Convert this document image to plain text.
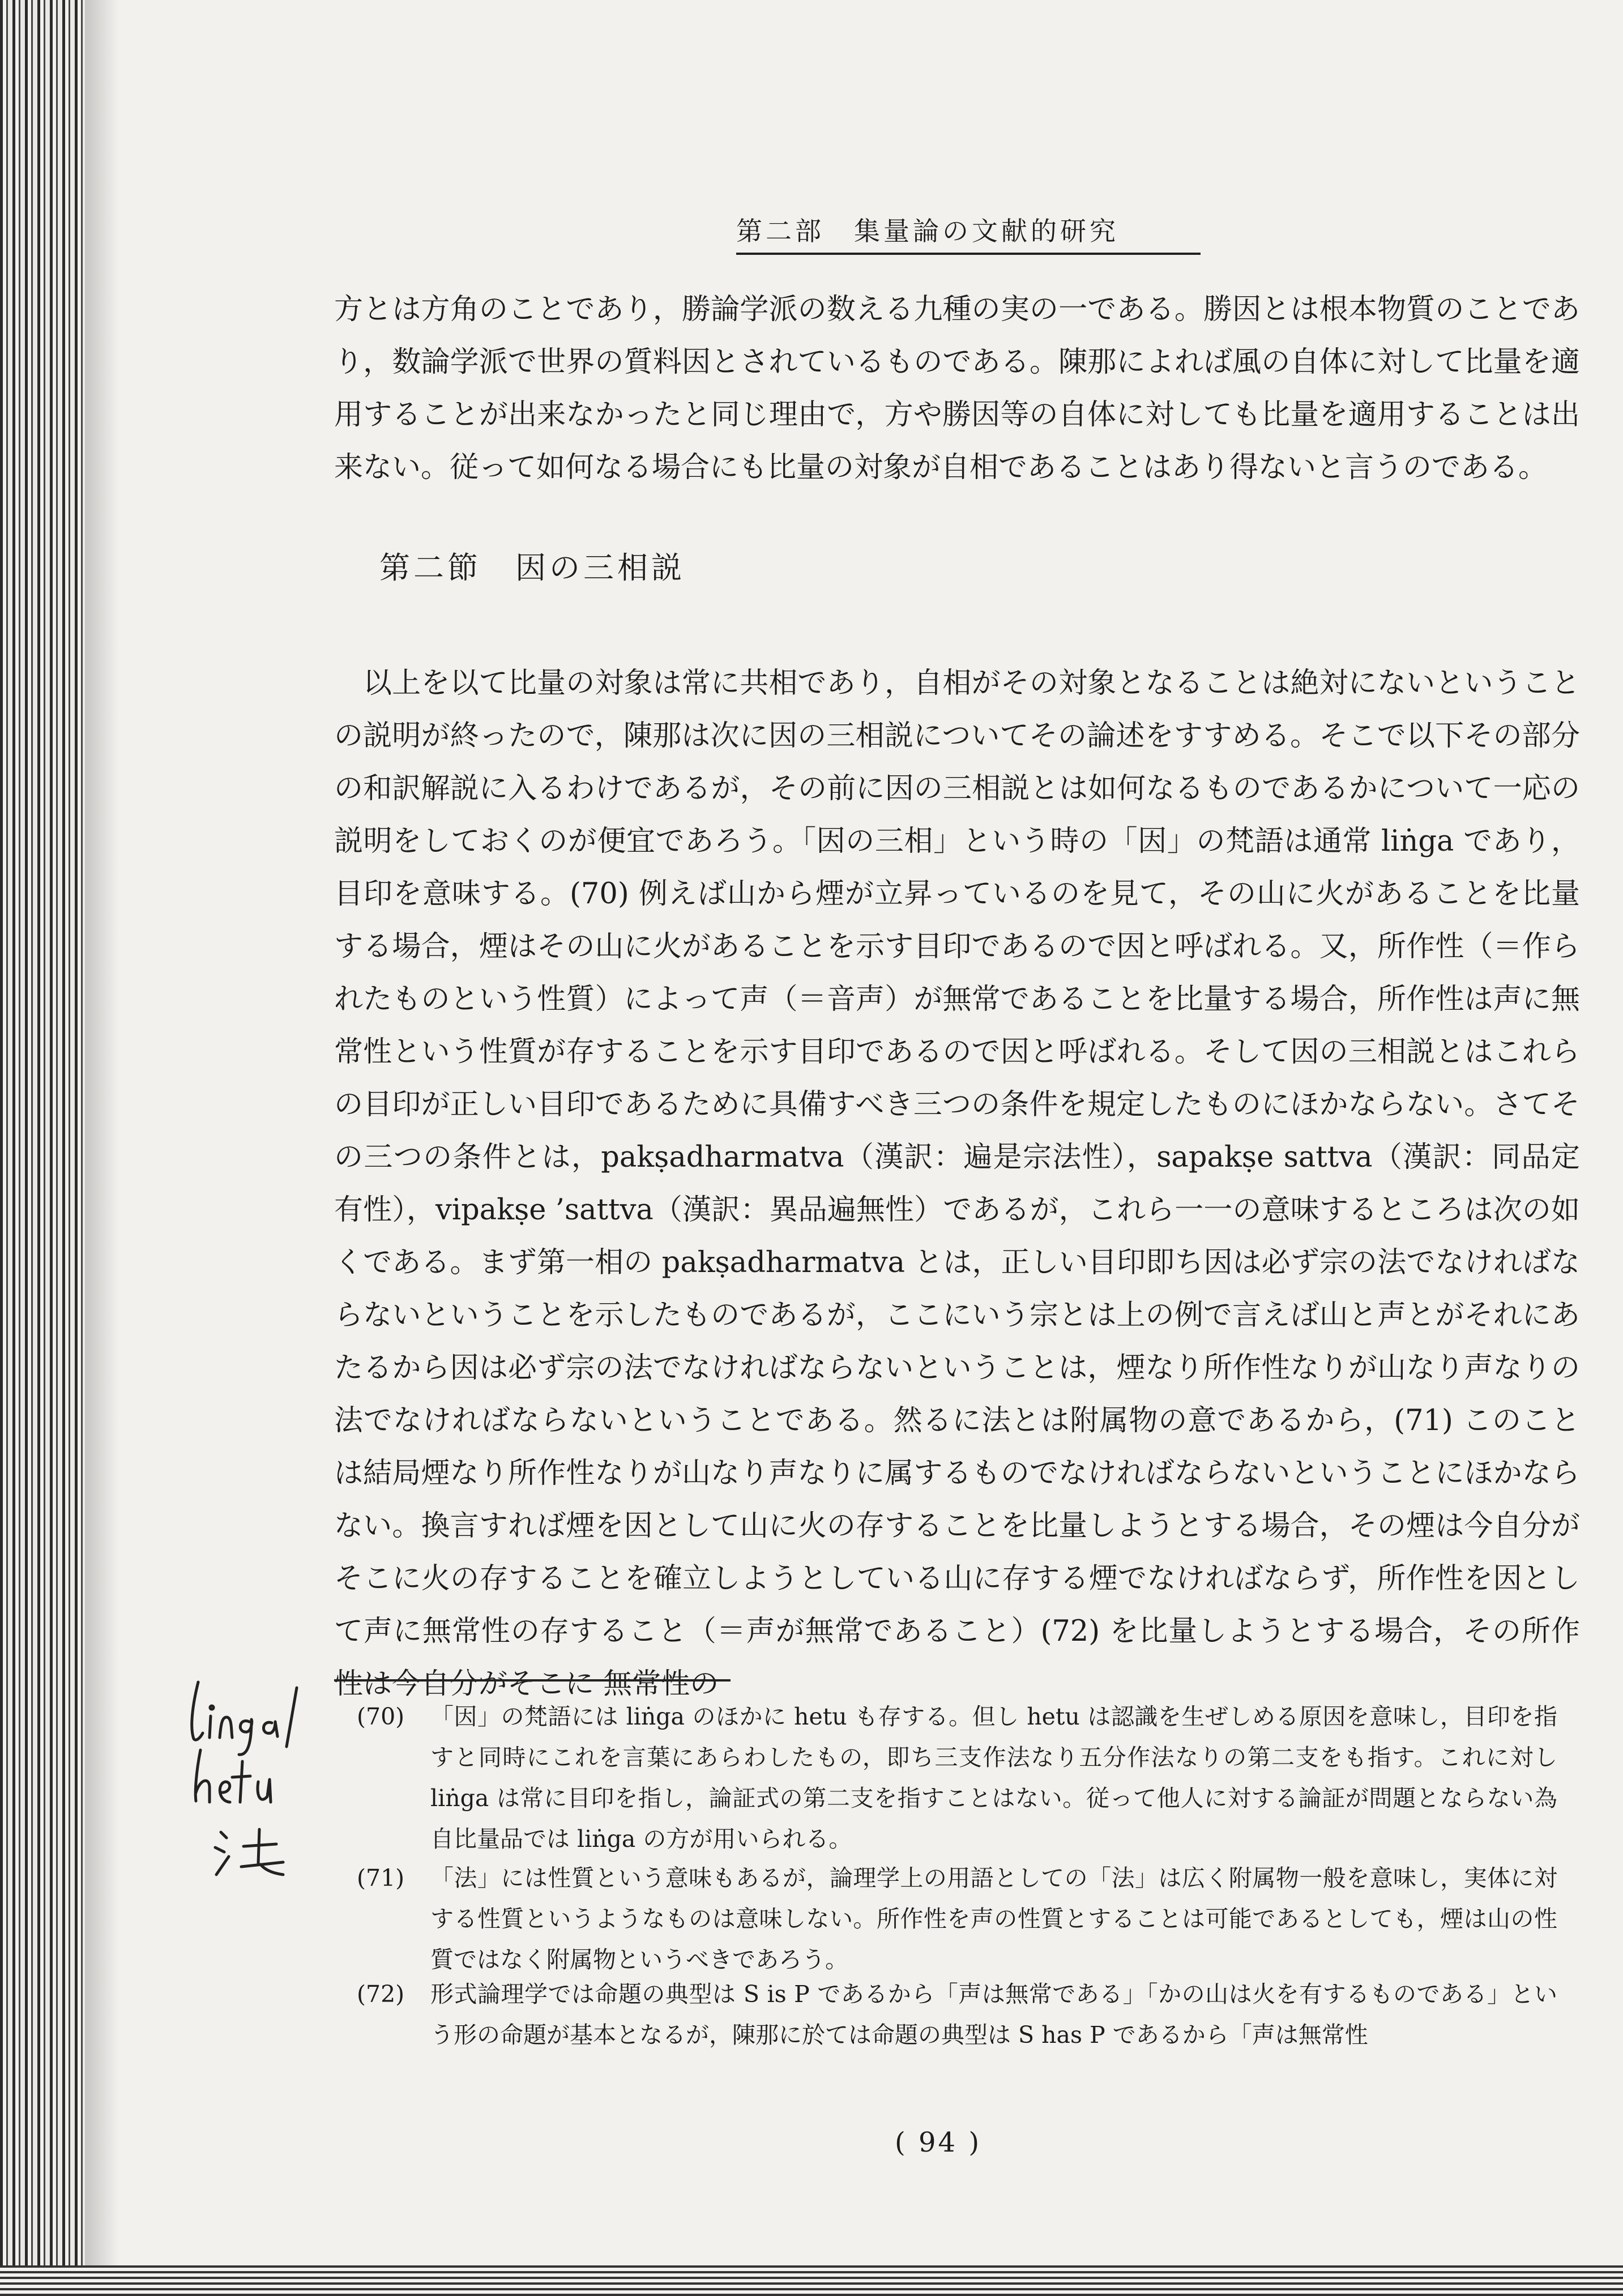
第二部　集量論の文献的研究

方とは方角のことであり，勝論学派の数える九種の実の一である。勝因とは根本物質のことであり，数論学派で世界の質料因とされているものである。陳那によれば風の自体に対して比量を適用することが出来なかったと同じ理由で，方や勝因等の自体に対しても比量を適用することは出来ない。従って如何なる場合にも比量の対象が自相であることはあり得ないと言うのである。

第二節　因の三相説

以上を以て比量の対象は常に共相であり，自相がその対象となることは絶対にないということの説明が終ったので，陳那は次に因の三相説についてその論述をすすめる。そこで以下その部分の和訳解説に入るわけであるが，その前に因の三相説とは如何なるものであるかについて一応の説明をしておくのが便宜であろう。「因の三相」という時の「因」の梵語は通常 liṅga であり，目印を意味する。(70) 例えば山から煙が立昇っているのを見て，その山に火があることを比量する場合，煙はその山に火があることを示す目印であるので因と呼ばれる。又，所作性（＝作られたものという性質）によって声（＝音声）が無常であることを比量する場合，所作性は声に無常性という性質が存することを示す目印であるので因と呼ばれる。そして因の三相説とはこれらの目印が正しい目印であるために具備すべき三つの条件を規定したものにほかならない。さてその三つの条件とは，pakṣadharmatva（漢訳：遍是宗法性），sapakṣe sattva（漢訳：同品定有性），vipakṣe ’sattva（漢訳：異品遍無性）であるが，これら一一の意味するところは次の如くである。まず第一相の pakṣadharmatva とは，正しい目印即ち因は必ず宗の法でなければならないということを示したものであるが，ここにいう宗とは上の例で言えば山と声とがそれにあたるから因は必ず宗の法でなければならないということは，煙なり所作性なりが山なり声なりの法でなければならないということである。然るに法とは附属物の意であるから，(71) このことは結局煙なり所作性なりが山なり声なりに属するものでなければならないということにほかならない。換言すれば煙を因として山に火の存することを比量しようとする場合，その煙は今自分がそこに火の存することを確立しようとしている山に存する煙でなければならず，所作性を因として声に無常性の存すること（＝声が無常であること）(72) を比量しようとする場合，その所作性は今自分がそこに 無常性の

(70)	「因」の梵語には liṅga のほかに hetu も存する。但し hetu は認識を生ぜしめる原因を意味し，目印を指すと同時にこれを言葉にあらわしたもの，即ち三支作法なり五分作法なりの第二支をも指す。これに対し liṅga は常に目印を指し，論証式の第二支を指すことはない。従って他人に対する論証が問題とならない為自比量品では liṅga の方が用いられる。
(71)	「法」には性質という意味もあるが，論理学上の用語としての「法」は広く附属物一般を意味し，実体に対する性質というようなものは意味しない。所作性を声の性質とすることは可能であるとしても，煙は山の性質ではなく附属物というべきであろう。
(72)	形式論理学では命題の典型は S is P であるから「声は無常である」「かの山は火を有するものである」という形の命題が基本となるが，陳那に於ては命題の典型は S has P であるから「声は無常性
( 94 )
